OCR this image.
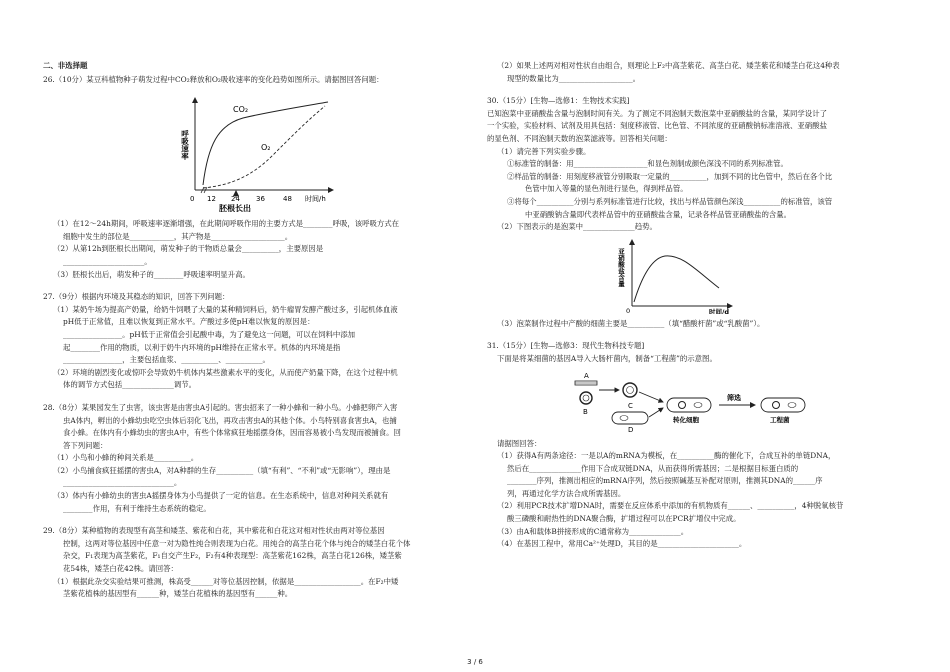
二、非选择题

26.（10分）某豆科植物种子萌发过程中CO₂释放和O₂吸收速率的变化趋势如图所示。请据图回答问题：

呼吸速率
CO₂
O₂
0 12 24 36	48 时间/h
胚根长出

（1）在12～24h期间，呼吸速率逐渐增强，在此期间呼吸作用的主要方式是________呼吸，该呼吸方式在

细胞中发生的部位是____________，其产物是____________________。

（2）从第12h到胚根长出期间，萌发种子的干物质总量会__________，主要原因是

______________________。

（3）胚根长出后，萌发种子的________呼吸速率明显升高。

27.（9分）根据内环境及其稳态的知识，回答下列问题：

（1）某奶牛场为提高产奶量，给奶牛饲喂了大量的某种精饲料后，奶牛瘤胃发酵产酸过多，引起机体血液

pH低于正常值，且难以恢复到正常水平。产酸过多使pH难以恢复的原因是：

________________。pH低于正常值会引起酸中毒，为了避免这一问题，可以在饲料中添加

起________作用的物质，以利于奶牛内环境的pH维持在正常水平。机体的内环境是指

________________，主要包括血浆、__________、__________。

（2）环境的剧烈变化或惊吓会导致奶牛机体内某些激素水平的变化，从而使产奶量下降，在这个过程中机

体的调节方式包括______________调节。

28.（8分）某果园发生了虫害，该虫害是由害虫A引起的。害虫招来了一种小蜂和一种小鸟。小蜂把卵产入害

虫A体内，孵出的小蜂幼虫吃空虫体后羽化飞出，再攻击害虫A的其他个体。小鸟特别喜食害虫A，也捕

食小蜂。在体内有小蜂幼虫的害虫A中，有些个体常疯狂地摇摆身体，因而容易被小鸟发现而被捕食。回

答下列问题：

（1）小鸟和小蜂的种间关系是__________。

（2）小鸟捕食疯狂摇摆的害虫A，对A种群的生存__________（填“有利”、“不利”或“无影响”），理由是

______________________________。

（3）体内有小蜂幼虫的害虫A摇摆身体为小鸟提供了一定的信息。在生态系统中，信息对种间关系就有

________作用，有利于维持生态系统的稳定。

29.（8分）某种植物的表现型有高茎和矮茎、紫花和白花，其中紫花和白花这对相对性状由两对等位基因

控制，这两对等位基因中任意一对为隐性纯合则表现为白花。用纯合的高茎白花个体与纯合的矮茎白花个体

杂交，F₁表现为高茎紫花，F₁自交产生F₂，F₂有4种表现型：高茎紫花162株，高茎白花126株，矮茎紫

花54株，矮茎白花42株。请回答：

（1）根据此杂交实验结果可推测，株高受______对等位基因控制，依据是__________________。在F₂中矮

茎紫花植株的基因型有______种，矮茎白花植株的基因型有______种。

（2）如果上述两对相对性状自由组合，则理论上F₂中高茎紫花、高茎白花、矮茎紫花和矮茎白花这4种表

现型的数量比为____________________。

30.（15分）[生物—选修1：生物技术实践]

已知泡菜中亚硝酸盐含量与泡制时间有关。为了测定不同泡制天数泡菜中亚硝酸盐的含量，某同学设计了

一个实验，实验材料、试剂及用具包括：刻度移液管、比色管、不同浓度的亚硝酸钠标准溶液、亚硝酸盐

的显色剂、不同泡制天数的泡菜滤液等。回答相关问题：

（1）请完善下列实验步骤。

①标准管的制备：用____________________和显色剂制成颜色深浅不同的系列标准管。

②样品管的制备：用刻度移液管分别吸取一定量的__________，加到不同的比色管中，然后在各个比

色管中加入等量的显色剂进行显色，得到样品管。

③将每个__________分别与系列标准管进行比较，找出与样品管颜色深浅__________的标准管，该管

中亚硝酸钠含量即代表样品管中的亚硝酸盐含量，记录各样品管亚硝酸盐的含量。

（2）下图表示的是泡菜中______________趋势。

亚硝酸盐含量
0	时间/d

（3）泡菜制作过程中产酸的细菌主要是__________（填“醋酸杆菌”或“乳酸菌”）。

31.（15分）[生物—选修3：现代生物科技专题]

下面是将某细菌的基因A导入大肠杆菌内，制备“工程菌”的示意图。

A
B
C
D
转化细胞
筛选
工程菌

请据图回答：

（1）获得A有两条途径：一是以A的mRNA为模板，在__________酶的催化下，合成互补的单链DNA，

然后在______________作用下合成双链DNA，从而获得所需基因；二是根据目标蛋白质的

________序列，推测出相应的mRNA序列，然后按照碱基互补配对原则，推测其DNA的______序

列，再通过化学方法合成所需基因。

（2）利用PCR技术扩增DNA时，需要在反应体系中添加的有机物质有______、__________，4种脱氧核苷

酸三磷酸和耐热性的DNA聚合酶，扩增过程可以在PCR扩增仪中完成。

（3）由A和载体B拼接形成的C通常称为______________。

（4）在基因工程中，常用Ca²⁺处理D，其目的是______________________。

3 / 6
